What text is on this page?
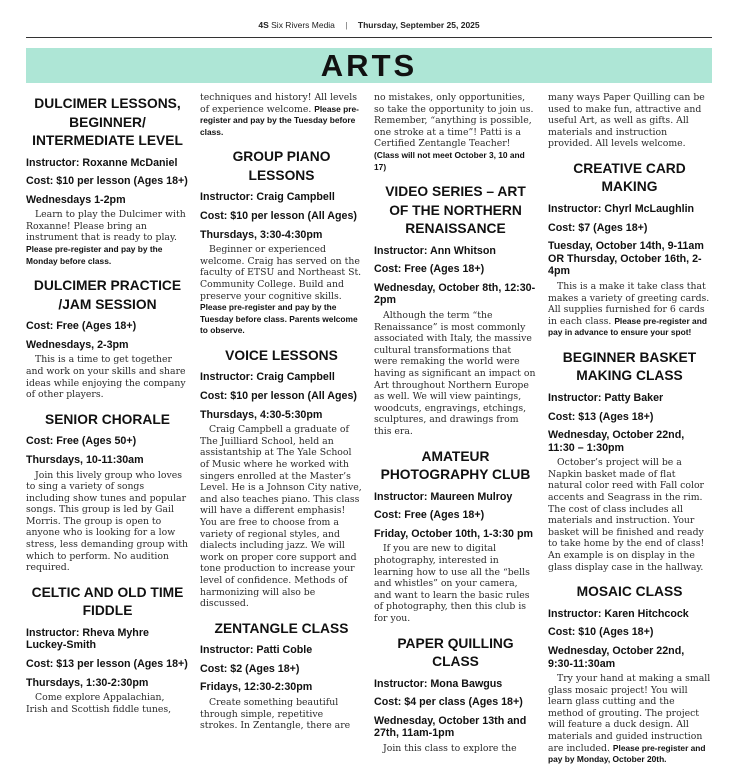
4S Six Rivers Media | Thursday, September 25, 2025
ARTS
DULCIMER LESSONS, BEGINNER/ INTERMEDIATE LEVEL
Instructor: Roxanne McDaniel
Cost: $10 per lesson (Ages 18+)
Wednesdays 1-2pm
Learn to play the Dulcimer with Roxanne! Please bring an instrument that is ready to play. Please pre-register and pay by the Monday before class.
DULCIMER PRACTICE /JAM SESSION
Cost: Free (Ages 18+)
Wednesdays, 2-3pm
This is a time to get together and work on your skills and share ideas while enjoying the company of other players.
SENIOR CHORALE
Cost: Free (Ages 50+)
Thursdays, 10-11:30am
Join this lively group who loves to sing a variety of songs including show tunes and popular songs. This group is led by Gail Morris. The group is open to anyone who is looking for a low stress, less demanding group with which to perform. No audition required.
CELTIC AND OLD TIME FIDDLE
Instructor: Rheva Myhre Luckey-Smith
Cost: $13 per lesson (Ages 18+)
Thursdays, 1:30-2:30pm
Come explore Appalachian, Irish and Scottish fiddle tunes,
techniques and history! All levels of experience welcome. Please pre-register and pay by the Tuesday before class.
GROUP PIANO LESSONS
Instructor: Craig Campbell
Cost: $10 per lesson (All Ages)
Thursdays, 3:30-4:30pm
Beginner or experienced welcome. Craig has served on the faculty of ETSU and Northeast St. Community College. Build and preserve your cognitive skills. Please pre-register and pay by the Tuesday before class. Parents welcome to observe.
VOICE LESSONS
Instructor: Craig Campbell
Cost: $10 per lesson (All Ages)
Thursdays, 4:30-5:30pm
Craig Campbell a graduate of The Juilliard School, held an assistantship at The Yale School of Music where he worked with singers enrolled at the Master’s Level. He is a Johnson City native, and also teaches piano. This class will have a different emphasis! You are free to choose from a variety of regional styles, and dialects including jazz. We will work on proper core support and tone production to increase your level of confidence. Methods of harmonizing will also be discussed.
ZENTANGLE CLASS
Instructor: Patti Coble
Cost: $2 (Ages 18+)
Fridays, 12:30-2:30pm
Create something beautiful through simple, repetitive strokes. In Zentangle, there are
no mistakes, only opportunities, so take the opportunity to join us. Remember, “anything is possible, one stroke at a time”! Patti is a Certified Zentangle Teacher! (Class will not meet October 3, 10 and 17)
VIDEO SERIES – ART OF THE NORTHERN RENAISSANCE
Instructor: Ann Whitson
Cost: Free (Ages 18+)
Wednesday, October 8th, 12:30-2pm
Although the term “the Renaissance” is most commonly associated with Italy, the massive cultural transformations that were remaking the world were having as significant an impact on Art throughout Northern Europe as well. We will view paintings, woodcuts, engravings, etchings, sculptures, and drawings from this era.
AMATEUR PHOTOGRAPHY CLUB
Instructor: Maureen Mulroy
Cost: Free (Ages 18+)
Friday, October 10th, 1-3:30 pm
If you are new to digital photography, interested in learning how to use all the “bells and whistles” on your camera, and want to learn the basic rules of photography, then this club is for you.
PAPER QUILLING CLASS
Instructor: Mona Bawgus
Cost: $4 per class (Ages 18+)
Wednesday, October 13th and 27th, 11am-1pm
Join this class to explore the
many ways Paper Quilling can be used to make fun, attractive and useful Art, as well as gifts. All materials and instruction provided. All levels welcome.
CREATIVE CARD MAKING
Instructor: Chyrl McLaughlin
Cost: $7 (Ages 18+)
Tuesday, October 14th, 9-11am OR Thursday, October 16th, 2-4pm
This is a make it take class that makes a variety of greeting cards. All supplies furnished for 6 cards in each class. Please pre-register and pay in advance to ensure your spot!
BEGINNER BASKET MAKING CLASS
Instructor: Patty Baker
Cost: $13 (Ages 18+)
Wednesday, October 22nd, 11:30 – 1:30pm
October’s project will be a Napkin basket made of flat natural color reed with Fall color accents and Seagrass in the rim. The cost of class includes all materials and instruction. Your basket will be finished and ready to take home by the end of class! An example is on display in the glass display case in the hallway.
MOSAIC CLASS
Instructor: Karen Hitchcock
Cost: $10 (Ages 18+)
Wednesday, October 22nd, 9:30-11:30am
Try your hand at making a small glass mosaic project! You will learn glass cutting and the method of grouting. The project will feature a duck design. All materials and guided instruction are included. Please pre-register and pay by Monday, October 20th.
